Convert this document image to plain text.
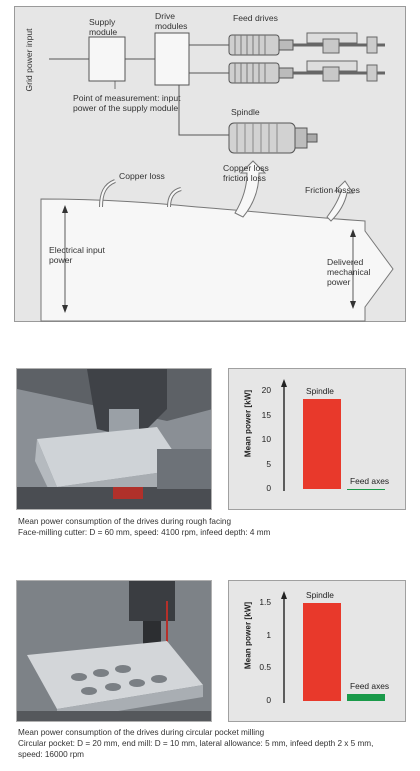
Grid power input
Supply
module
Drive
modules
Feed drives
Spindle
Point of measurement: input
power of the supply module
Copper loss
Copper loss
friction loss
Friction losses
Electrical input
power	Delivered
mechanical
power
Mean power [kW]
0
5
10
15
20	Spindle
Feed axes
Mean power consumption of the drives during rough facing
Face-milling cutter: D = 60 mm, speed: 4100 rpm, infeed depth: 4 mm
Mean power [kW]
0
0.5
1
1.5
Spindle
Feed axes
Mean power consumption of the drives during circular pocket milling
Circular pocket: D = 20 mm, end mill: D = 10 mm, lateral allowance: 5 mm, infeed depth 2 x 5 mm,
speed: 16000 rpm
